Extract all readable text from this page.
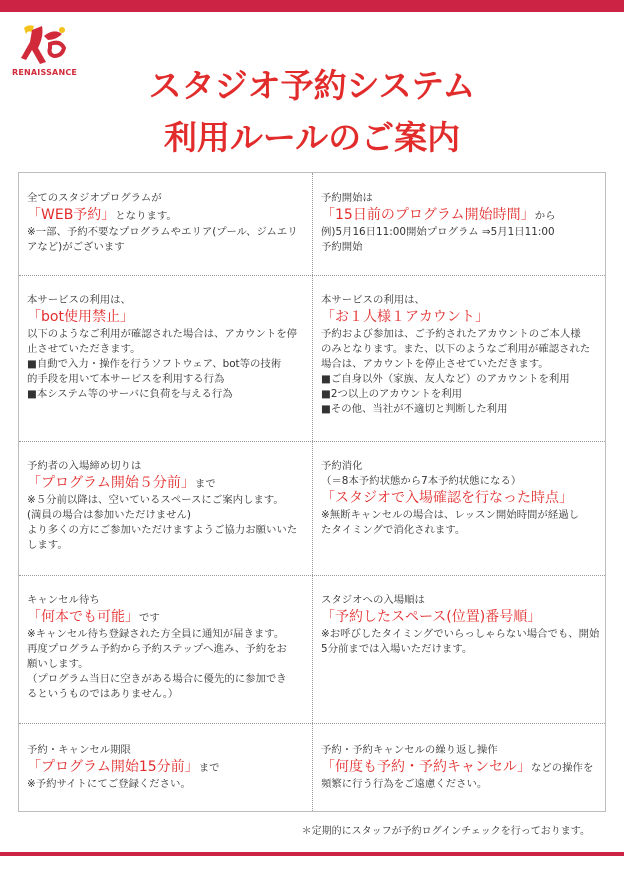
RENAISSANCE	スタジオ予約システム
利用ルールのご案内
全てのスタジオプログラムが
「WEB予約」となります。
※一部、予約不要なプログラムやエリア(プール、ジムエリ
アなど)がございます
予約開始は
「15日前のプログラム開始時間」から
例)5月16日11:00開始プログラム ⇒5月1日11:00
予約開始
本サービスの利用は、
「bot使用禁止」
以下のようなご利用が確認された場合は、アカウントを停
止させていただきます。
■自動で入力・操作を行うソフトウェア、bot等の技術
的手段を用いて本サービスを利用する行為
■本システム等のサーバに負荷を与える行為
本サービスの利用は、
「お１人様１アカウント」
予約および参加は、ご予約されたアカウントのご本人様
のみとなります。また、以下のようなご利用が確認された
場合は、アカウントを停止させていただきます。
■ご自身以外（家族、友人など）のアカウントを利用
■2つ以上のアカウントを利用
■その他、当社が不適切と判断した利用
予約者の入場締め切りは
「プログラム開始５分前」まで
※５分前以降は、空いているスペースにご案内します。
(満員の場合は参加いただけません)
より多くの方にご参加いただけますようご協力お願いいた
します。
予約消化
（＝8本予約状態から7本予約状態になる）
「スタジオで入場確認を行なった時点」
※無断キャンセルの場合は、レッスン開始時間が経過し
たタイミングで消化されます。
キャンセル待ち
「何本でも可能」です
※キャンセル待ち登録された方全員に通知が届きます。
再度プログラム予約から予約ステップへ進み、予約をお
願いします。
（プログラム当日に空きがある場合に優先的に参加でき
るというものではありません。）
スタジオへの入場順は
「予約したスペース(位置)番号順」
※お呼びしたタイミングでいらっしゃらない場合でも、開始
5分前までは入場いただけます。
予約・キャンセル期限
「プログラム開始15分前」まで
※予約サイトにてご登録ください。
予約・予約キャンセルの繰り返し操作
「何度も予約・予約キャンセル」などの操作を
頻繁に行う行為をご遠慮ください。
＊定期的にスタッフが予約ログインチェックを行っております。
